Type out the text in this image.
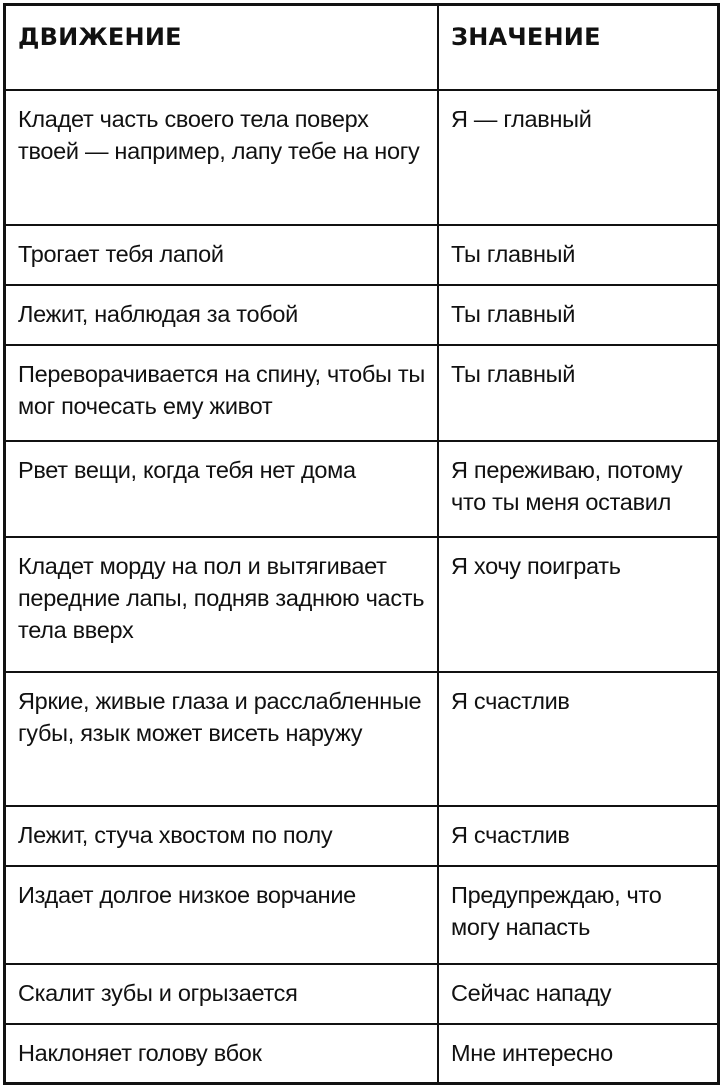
ДВИЖЕНИЕ	ЗНАЧЕНИЕ
Кладет часть своего тела поверх твоей — например, лапу тебе на ногу	Я — главный
Трогает тебя лапой	Ты главный
Лежит, наблюдая за тобой	Ты главный
Переворачивается на спину, чтобы ты мог почесать ему живот	Ты главный
Рвет вещи, когда тебя нет дома	Я переживаю, потому что ты меня оставил
Кладет морду на пол и вытягивает передние лапы, подняв заднюю часть тела вверх	Я хочу поиграть
Яркие, живые глаза и расслабленные губы, язык может висеть наружу	Я счастлив
Лежит, стуча хвостом по полу	Я счастлив
Издает долгое низкое ворчание	Предупреждаю, что могу напасть
Скалит зубы и огрызается	Сейчас нападу
Наклоняет голову вбок	Мне интересно
